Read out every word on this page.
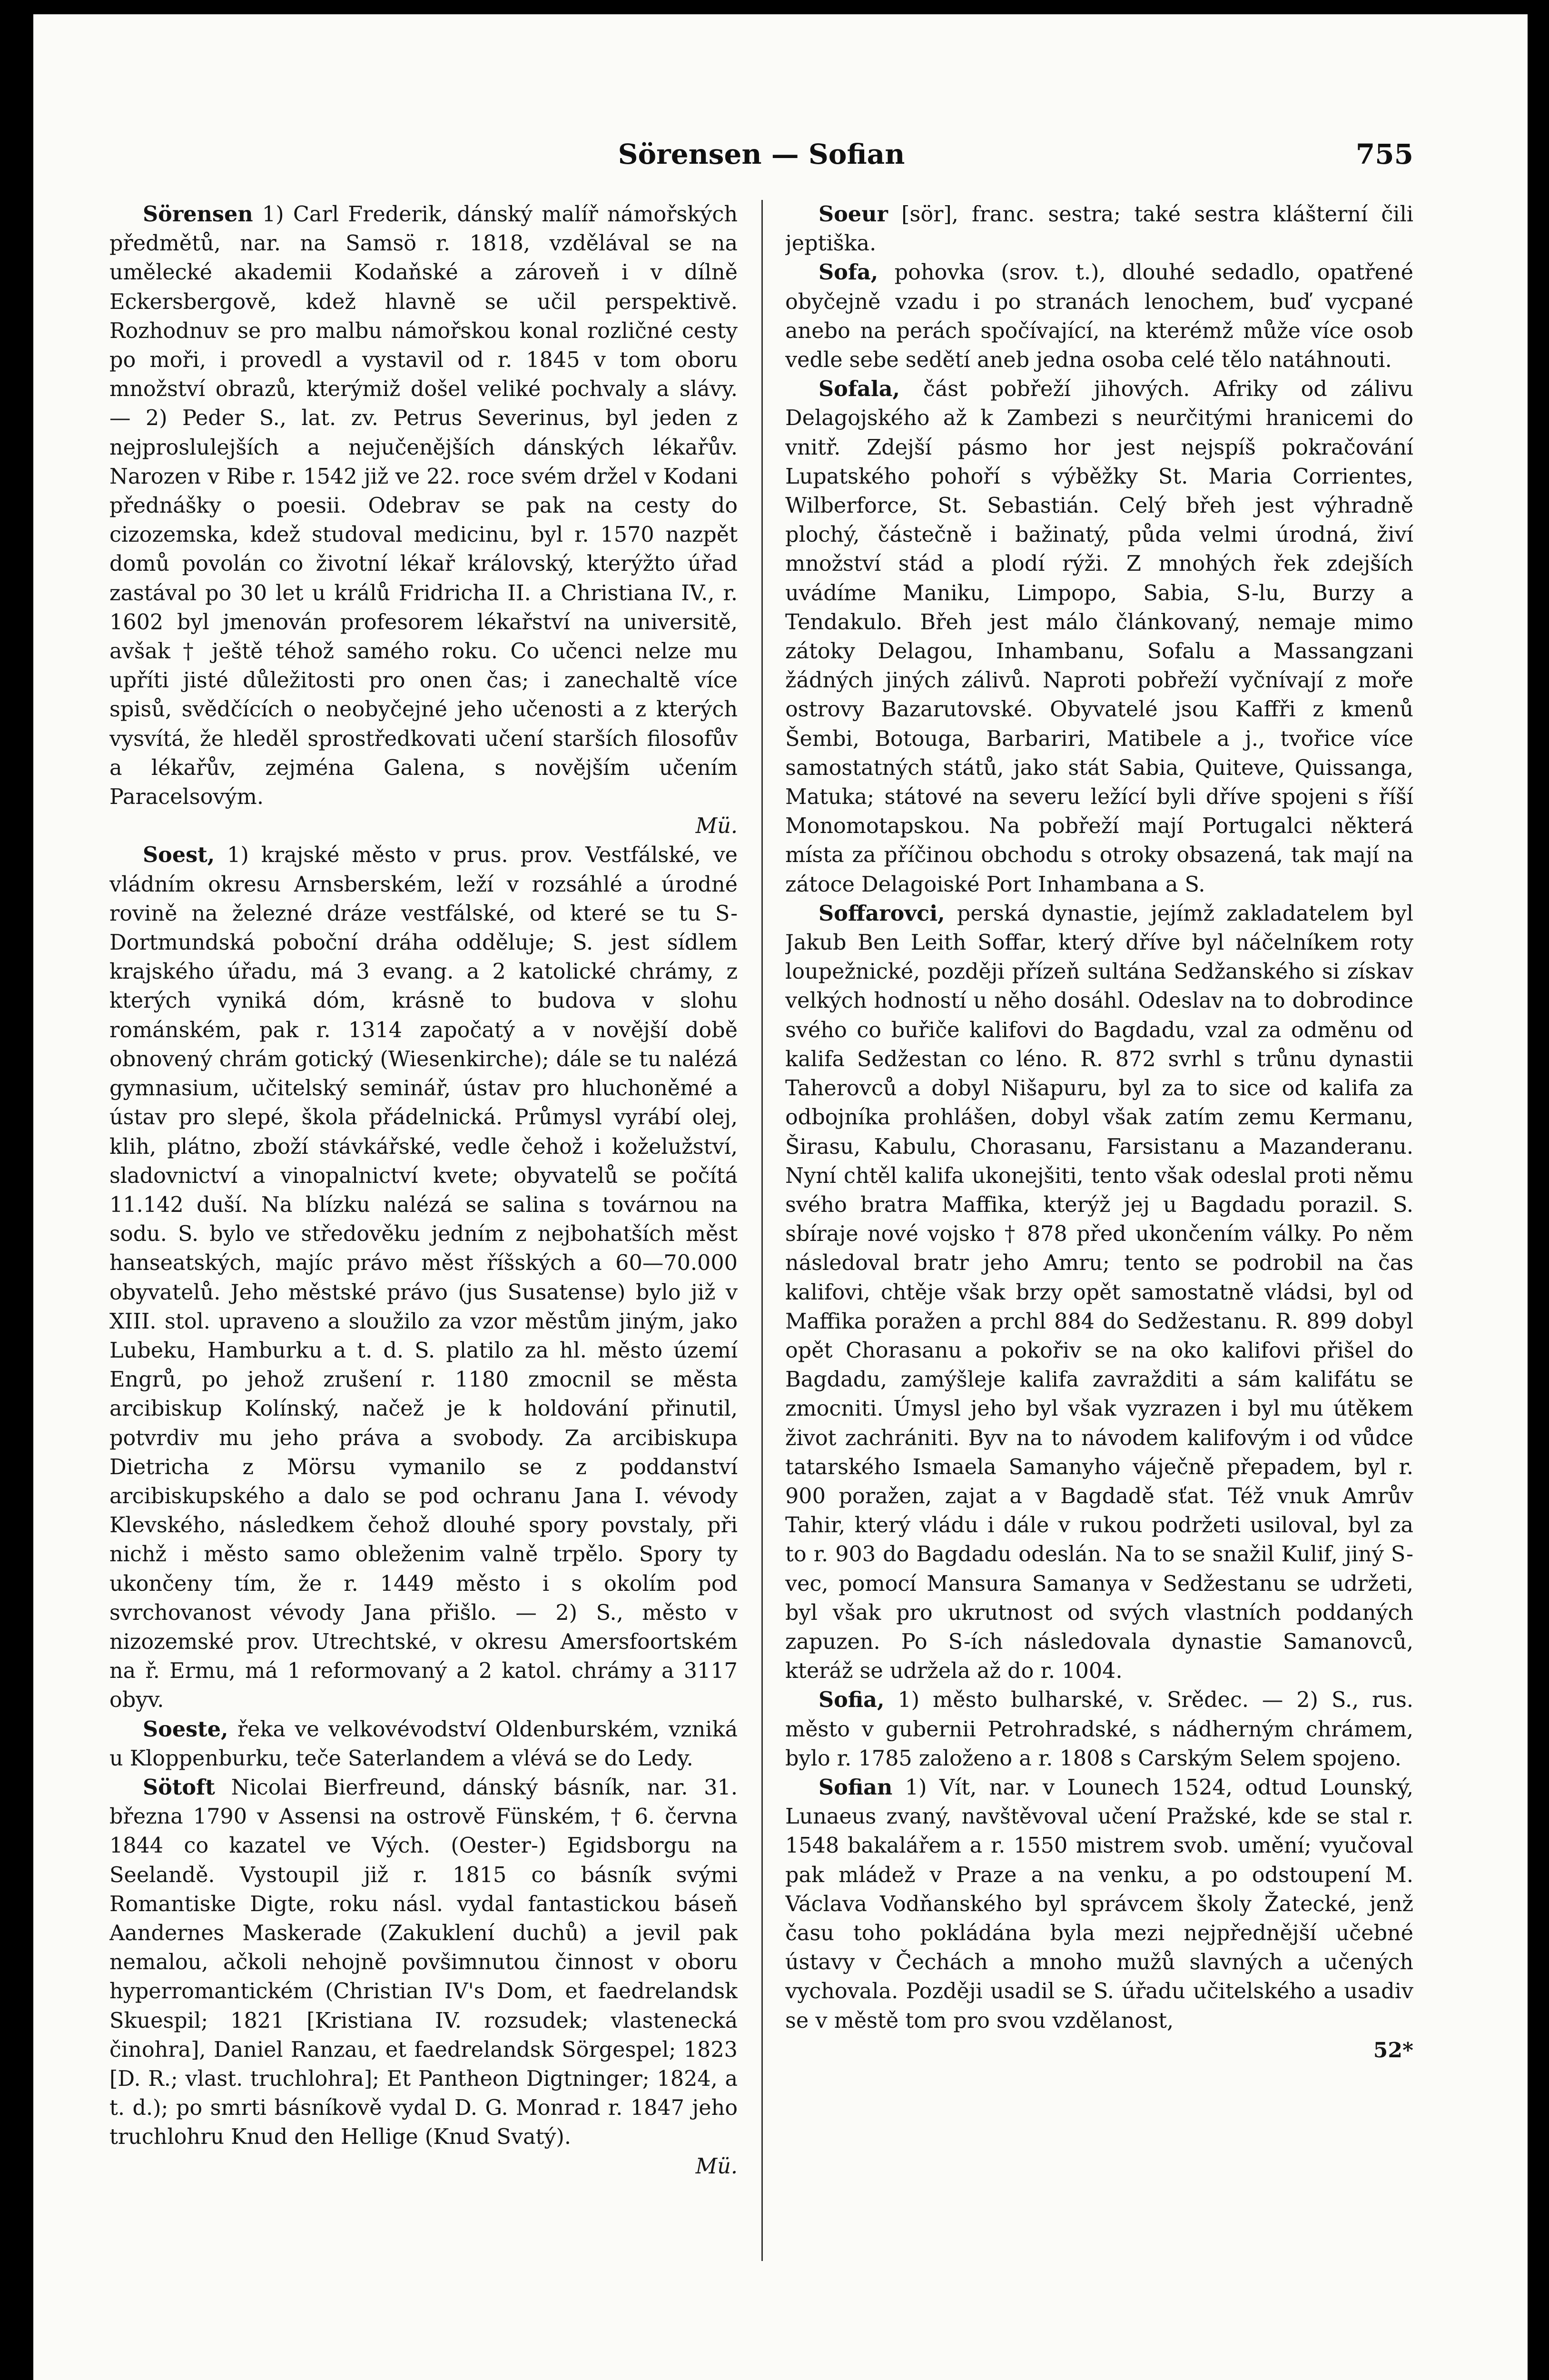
Sörensen — Sofian	755

Sörensen 1) Carl Frederik, dánský malíř námořských předmětů, nar. na Samsö r. 1818, vzdělával se na umělecké akademii Kodaňské a zároveň i v dílně Eckersbergově, kdež hlavně se učil perspektivě. Rozhodnuv se pro malbu námořskou konal rozličné cesty po moři, i provedl a vystavil od r. 1845 v tom oboru množství obrazů, kterýmiž došel veliké pochvaly a slávy. — 2) Peder S., lat. zv. Petrus Severinus, byl jeden z nejproslulejších a nejučenějších dánských lékařův. Narozen v Ribe r. 1542 již ve 22. roce svém držel v Kodani přednášky o poesii. Odebrav se pak na cesty do cizozemska, kdež studoval medicinu, byl r. 1570 nazpět domů povolán co životní lékař královský, kterýžto úřad zastával po 30 let u králů Fridricha II. a Christiana IV., r. 1602 byl jmenován profesorem lékařství na universitě, avšak † ještě téhož samého roku. Co učenci nelze mu upříti jisté důležitosti pro onen čas; i zanechaltě více spisů, svědčících o neobyčejné jeho učenosti a z kterých vysvítá, že hleděl sprostředkovati učení starších filosofův a lékařův, zejména Galena, s novějším učením Paracelsovým.
Mü.

Soest, 1) krajské město v prus. prov. Vestfálské, ve vládním okresu Arnsberském, leží v rozsáhlé a úrodné rovině na železné dráze vestfálské, od které se tu S-Dortmundská poboční dráha odděluje; S. jest sídlem krajského úřadu, má 3 evang. a 2 katolické chrámy, z kterých vyniká dóm, krásně to budova v slohu románském, pak r. 1314 započatý a v novější době obnovený chrám gotický (Wiesenkirche); dále se tu nalézá gymnasium, učitelský seminář, ústav pro hluchoněmé a ústav pro slepé, škola přádelnická. Průmysl vyrábí olej, klih, plátno, zboží stávkářské, vedle čehož i koželužství, sladovnictví a vinopalnictví kvete; obyvatelů se počítá 11.142 duší. Na blízku nalézá se salina s továrnou na sodu. S. bylo ve středověku jedním z nejbohatších měst hanseatských, majíc právo měst říšských a 60—70.000 obyvatelů. Jeho městské právo (jus Susatense) bylo již v XIII. stol. upraveno a sloužilo za vzor městům jiným, jako Lubeku, Hamburku a t. d. S. platilo za hl. město území Engrů, po jehož zrušení r. 1180 zmocnil se města arcibiskup Kolínský, načež je k holdování přinutil, potvrdiv mu jeho práva a svobody. Za arcibiskupa Dietricha z Mörsu vymanilo se z poddanství arcibiskupského a dalo se pod ochranu Jana I. vévody Klevského, následkem čehož dlouhé spory povstaly, při nichž i město samo obleženim valně trpělo. Spory ty ukončeny tím, že r. 1449 město i s okolím pod svrchovanost vévody Jana přišlo. — 2) S., město v nizozemské prov. Utrechtské, v okresu Amersfoortském na ř. Ermu, má 1 reformovaný a 2 katol. chrámy a 3117 obyv.

Soeste, řeka ve velkovévodství Oldenburském, vzniká u Kloppenburku, teče Saterlandem a vlévá se do Ledy.

Sötoft Nicolai Bierfreund, dánský básník, nar. 31. března 1790 v Assensi na ostrově Fünském, † 6. června 1844 co kazatel ve Vých. (Oester-) Egidsborgu na Seelandě. Vystoupil již r. 1815 co básník svými Romantiske Digte, roku násl. vydal fantastickou báseň Aandernes Maskerade (Zakuklení duchů) a jevil pak nemalou, ačkoli nehojně povšimnutou činnost v oboru hyperromantickém (Christian IV's Dom, et faedrelandsk Skuespil; 1821 [Kristiana IV. rozsudek; vlastenecká činohra], Daniel Ranzau, et faedrelandsk Sörgespel; 1823 [D. R.; vlast. truchlohra]; Et Pantheon Digtninger; 1824, a t. d.); po smrti básníkově vydal D. G. Monrad r. 1847 jeho truchlohru Knud den Hellige (Knud Svatý).
Mü.

Soeur [sör], franc. sestra; také sestra klášterní čili jeptiška.

Sofa, pohovka (srov. t.), dlouhé sedadlo, opatřené obyčejně vzadu i po stranách lenochem, buď vycpané anebo na perách spočívající, na kterémž může více osob vedle sebe sedětí aneb jedna osoba celé tělo natáhnouti.

Sofala, část pobřeží jihových. Afriky od zálivu Delagojského až k Zambezi s neurčitými hranicemi do vnitř. Zdejší pásmo hor jest nejspíš pokračování Lupatského pohoří s výběžky St. Maria Corrientes, Wilberforce, St. Sebastián. Celý břeh jest výhradně plochý, částečně i bažinatý, půda velmi úrodná, živí množství stád a plodí rýži. Z mnohých řek zdejších uvádíme Maniku, Limpopo, Sabia, S-lu, Burzy a Tendakulo. Břeh jest málo článkovaný, nemaje mimo zátoky Delagou, Inhambanu, Sofalu a Massangzani žádných jiných zálivů. Naproti pobřeží vyčnívají z moře ostrovy Bazarutovské. Obyvatelé jsou Kaffři z kmenů Šembi, Botouga, Barbariri, Matibele a j., tvořice více samostatných států, jako stát Sabia, Quiteve, Quissanga, Matuka; státové na severu ležící byli dříve spojeni s říší Monomotapskou. Na pobřeží mají Portugalci některá místa za příčinou obchodu s otroky obsazená, tak mají na zátoce Delagoiské Port Inhambana a S.

Soffarovci, perská dynastie, jejímž zakladatelem byl Jakub Ben Leith Soffar, který dříve byl náčelníkem roty loupežnické, později přízeň sultána Sedžanského si získav velkých hodností u něho dosáhl. Odeslav na to dobrodince svého co buřiče kalifovi do Bagdadu, vzal za odměnu od kalifa Sedžestan co léno. R. 872 svrhl s trůnu dynastii Taherovců a dobyl Nišapuru, byl za to sice od kalifa za odbojníka prohlášen, dobyl však zatím zemu Kermanu, Širasu, Kabulu, Chorasanu, Farsistanu a Mazanderanu. Nyní chtěl kalifa ukonejšiti, tento však odeslal proti němu svého bratra Maffika, kterýž jej u Bagdadu porazil. S. sbíraje nové vojsko † 878 před ukončením války. Po něm následoval bratr jeho Amru; tento se podrobil na čas kalifovi, chtěje však brzy opět samostatně vládsi, byl od Maffika poražen a prchl 884 do Sedžestanu. R. 899 dobyl opět Chorasanu a pokořiv se na oko kalifovi přišel do Bagdadu, zamýšleje kalifa zavražditi a sám kalifátu se zmocniti. Úmysl jeho byl však vyzrazen i byl mu útěkem život zachrániti. Byv na to návodem kalifovým i od vůdce tatarského Ismaela Samanyho váječně přepadem, byl r. 900 poražen, zajat a v Bagdadě sťat. Též vnuk Amrův Tahir, který vládu i dále v rukou podržeti usiloval, byl za to r. 903 do Bagdadu odeslán. Na to se snažil Kulif, jiný S-vec, pomocí Mansura Samanya v Sedžestanu se udržeti, byl však pro ukrutnost od svých vlastních poddaných zapuzen. Po S-ích následovala dynastie Samanovců, kteráž se udržela až do r. 1004.

Sofia, 1) město bulharské, v. Srědec. — 2) S., rus. město v gubernii Petrohradské, s nádherným chrámem, bylo r. 1785 založeno a r. 1808 s Carským Selem spojeno.

Sofian 1) Vít, nar. v Lounech 1524, odtud Lounský, Lunaeus zvaný, navštěvoval učení Pražské, kde se stal r. 1548 bakalářem a r. 1550 mistrem svob. umění; vyučoval pak mládež v Praze a na venku, a po odstoupení M. Václava Vodňanského byl správcem školy Žatecké, jenž času toho pokládána byla mezi nejpřednější učebné ústavy v Čechách a mnoho mužů slavných a učených vychovala. Později usadil se S. úřadu učitelského a usadiv se v městě tom pro svou vzdělanost,

52*
